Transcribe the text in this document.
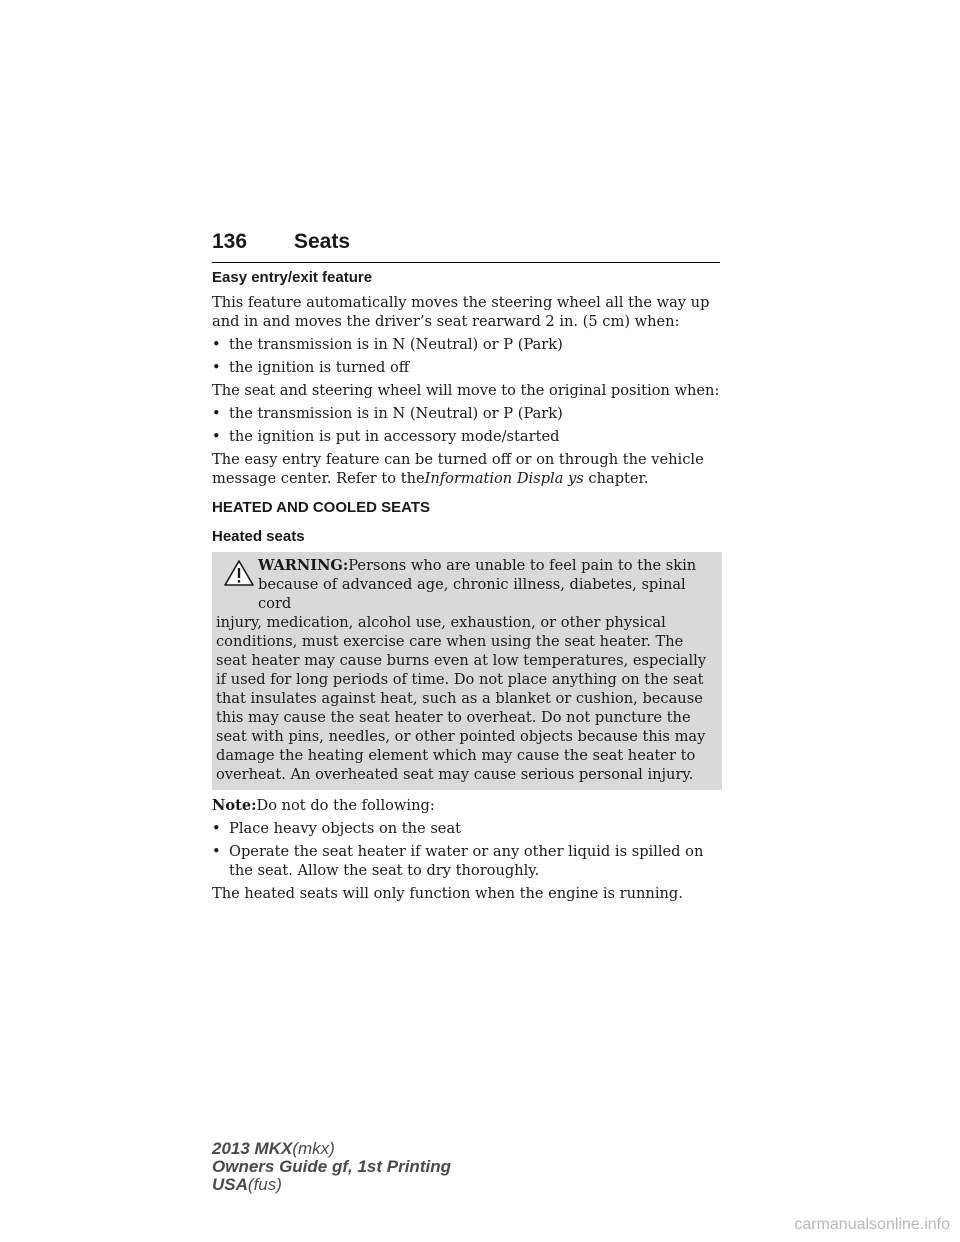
136 Seats
Easy entry/exit feature
This feature automatically moves the steering wheel all the way up and in and moves the driver’s seat rearward 2 in. (5 cm) when:
• the transmission is in N (Neutral) or P (Park)
• the ignition is turned off
The seat and steering wheel will move to the original position when:
• the transmission is in N (Neutral) or P (Park)
• the ignition is put in accessory mode/started
The easy entry feature can be turned off or on through the vehicle message center. Refer to theInformation Displa ys chapter.
HEATED AND COOLED SEATS
Heated seats
WARNING:Persons who are unable to feel pain to the skin
because of advanced age, chronic illness, diabetes, spinal cord
injury, medication, alcohol use, exhaustion, or other physical conditions, must exercise care when using the seat heater. The seat heater may cause burns even at low temperatures, especially if used for long periods of time. Do not place anything on the seat that insulates against heat, such as a blanket or cushion, because this may cause the seat heater to overheat. Do not puncture the seat with pins, needles, or other pointed objects because this may damage the heating element which may cause the seat heater to overheat. An overheated seat may cause serious personal injury.
Note:Do not do the following:
• Place heavy objects on the seat
• Operate the seat heater if water or any other liquid is spilled on the seat. Allow the seat to dry thoroughly.
The heated seats will only function when the engine is running.
2013 MKX(mkx)
Owners Guide gf, 1st Printing
USA(fus)
carmanualsonline.info
